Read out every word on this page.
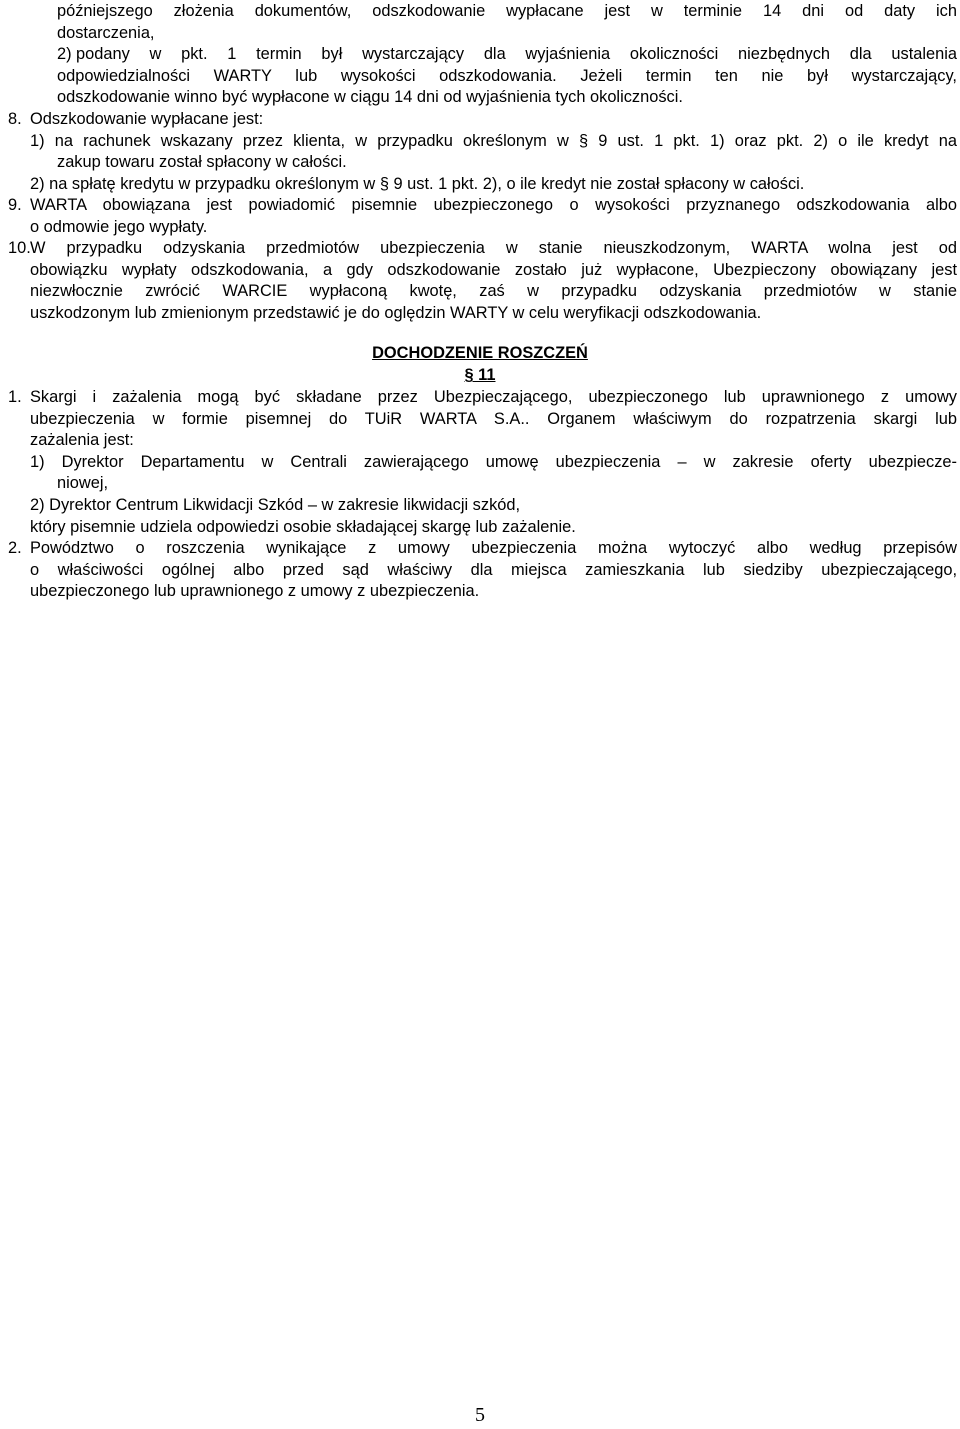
późniejszego złożenia dokumentów, odszkodowanie wypłacane jest w terminie 14 dni od daty ich
dostarczenia,
2) podany w pkt. 1 termin był wystarczający dla wyjaśnienia okoliczności niezbędnych dla ustalenia
odpowiedzialności WARTY lub wysokości odszkodowania. Jeżeli termin ten nie był wystarczający,
odszkodowanie winno być wypłacone w ciągu 14 dni od wyjaśnienia tych okoliczności.
8. Odszkodowanie wypłacane jest:
1) na rachunek wskazany przez klienta, w przypadku określonym w § 9 ust. 1 pkt. 1) oraz pkt. 2) o ile kredyt na
zakup towaru został spłacony w całości.
2) na spłatę kredytu w przypadku określonym w § 9 ust. 1 pkt. 2), o ile kredyt nie został spłacony w całości.
9. WARTA obowiązana jest powiadomić pisemnie ubezpieczonego o wysokości przyznanego odszkodowania albo
o odmowie jego wypłaty.
10. W przypadku odzyskania przedmiotów ubezpieczenia w stanie nieuszkodzonym, WARTA wolna jest od
obowiązku wypłaty odszkodowania, a gdy odszkodowanie zostało już wypłacone, Ubezpieczony obowiązany jest
niezwłocznie zwrócić WARCIE wypłaconą kwotę, zaś w przypadku odzyskania przedmiotów w stanie
uszkodzonym lub zmienionym przedstawić je do oględzin WARTY w celu weryfikacji odszkodowania.
DOCHODZENIE ROSZCZEŃ
§ 11
1. Skargi i zażalenia mogą być składane przez Ubezpieczającego, ubezpieczonego lub uprawnionego z umowy
ubezpieczenia w formie pisemnej do TUiR WARTA S.A.. Organem właściwym do rozpatrzenia skargi lub
zażalenia jest:
1) Dyrektor Departamentu w Centrali zawierającego umowę ubezpieczenia – w zakresie oferty ubezpiecze-
niowej,
2) Dyrektor Centrum Likwidacji Szkód – w zakresie likwidacji szkód,
który pisemnie udziela odpowiedzi osobie składającej skargę lub zażalenie.
2. Powództwo o roszczenia wynikające z umowy ubezpieczenia można wytoczyć albo według przepisów
o właściwości ogólnej albo przed sąd właściwy dla miejsca zamieszkania lub siedziby ubezpieczającego,
ubezpieczonego lub uprawnionego z umowy z ubezpieczenia.
5
